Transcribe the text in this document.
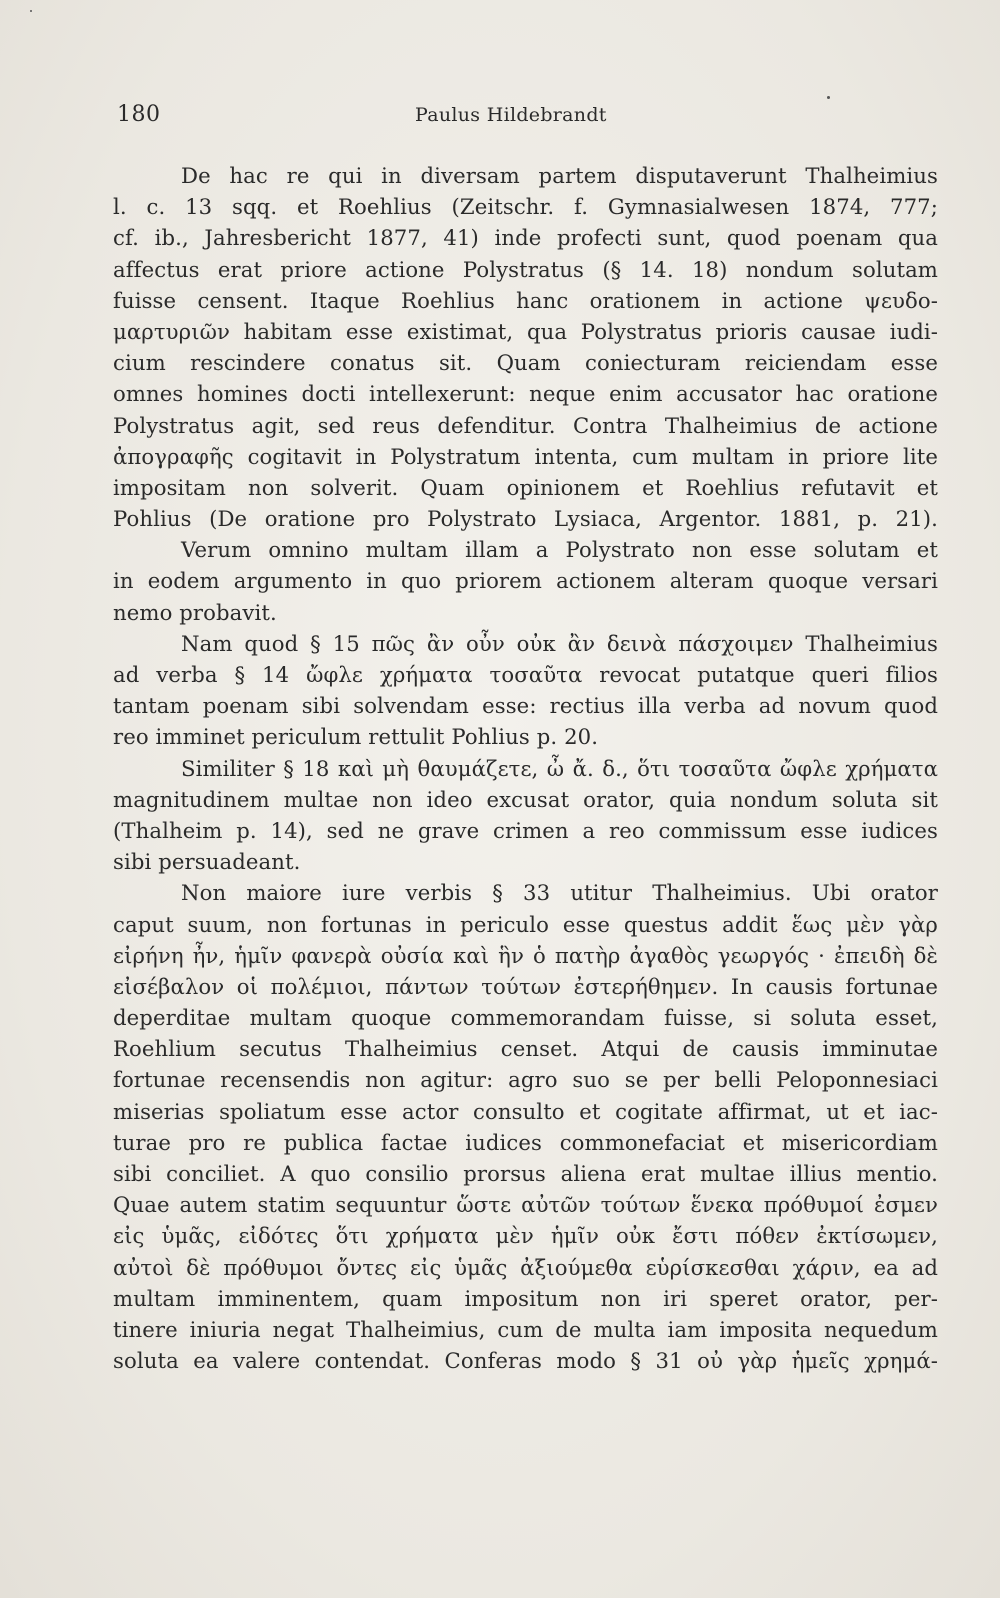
180	Paulus Hildebrandt
De hac re qui in diversam partem disputaverunt Thalheimius
l. c. 13 sqq. et Roehlius (Zeitschr. f. Gymnasialwesen 1874, 777;
cf. ib., Jahresbericht 1877, 41) inde profecti sunt, quod poenam qua
affectus erat priore actione Polystratus (§ 14. 18) nondum solutam
fuisse censent. Itaque Roehlius hanc orationem in actione ψευδο-
μαρτυριῶν habitam esse existimat, qua Polystratus prioris causae iudi-
cium rescindere conatus sit. Quam coniecturam reiciendam esse
omnes homines docti intellexerunt: neque enim accusator hac oratione
Polystratus agit, sed reus defenditur. Contra Thalheimius de actione
ἀπογραφῆς cogitavit in Polystratum intenta, cum multam in priore lite
impositam non solverit. Quam opinionem et Roehlius refutavit et
Pohlius (De oratione pro Polystrato Lysiaca, Argentor. 1881, p. 21).
Verum omnino multam illam a Polystrato non esse solutam et
in eodem argumento in quo priorem actionem alteram quoque versari
nemo probavit.
Nam quod § 15 πῶς ἂν οὖν οὐκ ἂν δεινὰ πάσχοιμεν Thalheimius
ad verba § 14 ὤφλε χρήματα τοσαῦτα revocat putatque queri filios
tantam poenam sibi solvendam esse: rectius illa verba ad novum quod
reo imminet periculum rettulit Pohlius p. 20.
Similiter § 18 καὶ μὴ θαυμάζετε, ὦ ἄ. δ., ὅτι τοσαῦτα ὤφλε χρήματα
magnitudinem multae non ideo excusat orator, quia nondum soluta sit
(Thalheim p. 14), sed ne grave crimen a reo commissum esse iudices
sibi persuadeant.
Non maiore iure verbis § 33 utitur Thalheimius. Ubi orator
caput suum, non fortunas in periculo esse questus addit ἕως μὲν γὰρ
εἰρήνη ἦν, ἡμῖν φανερὰ οὐσία καὶ ἣν ὁ πατὴρ ἀγαθὸς γεωργός · ἐπειδὴ δὲ
εἰσέβαλον οἱ πολέμιοι, πάντων τούτων ἐστερήθημεν. In causis fortunae
deperditae multam quoque commemorandam fuisse, si soluta esset,
Roehlium secutus Thalheimius censet. Atqui de causis imminutae
fortunae recensendis non agitur: agro suo se per belli Peloponnesiaci
miserias spoliatum esse actor consulto et cogitate affirmat, ut et iac-
turae pro re publica factae iudices commonefaciat et misericordiam
sibi conciliet. A quo consilio prorsus aliena erat multae illius mentio.
Quae autem statim sequuntur ὥστε αὐτῶν τούτων ἕνεκα πρόθυμοί ἐσμεν
εἰς ὑμᾶς, εἰδότες ὅτι χρήματα μὲν ἡμῖν οὐκ ἔστι πόθεν ἐκτίσωμεν,
αὐτοὶ δὲ πρόθυμοι ὄντες εἰς ὑμᾶς ἀξιούμεθα εὑρίσκεσθαι χάριν, ea ad
multam imminentem, quam impositum non iri speret orator, per-
tinere iniuria negat Thalheimius, cum de multa iam imposita nequedum
soluta ea valere contendat. Conferas modo § 31 οὐ γὰρ ἡμεῖς χρημά-
